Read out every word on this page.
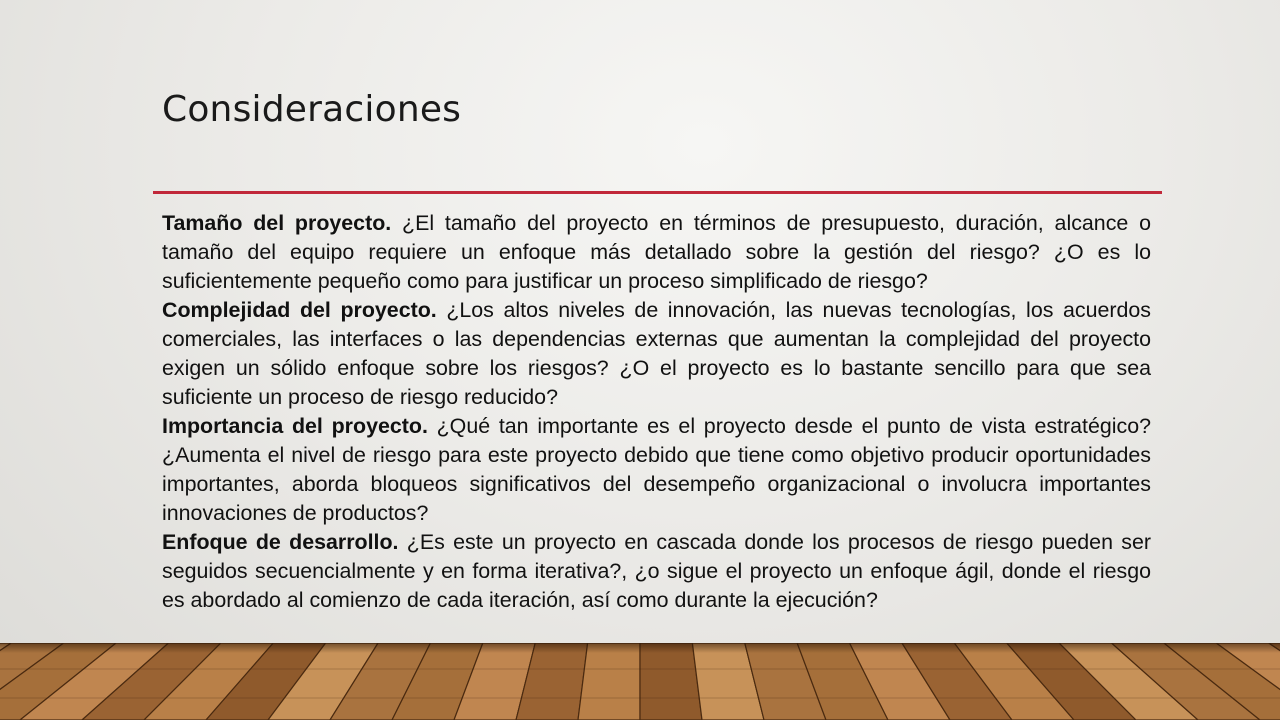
Consideraciones

Tamaño del proyecto. ¿El tamaño del proyecto en términos de presupuesto, duración, alcance o tamaño del equipo requiere un enfoque más detallado sobre la gestión del riesgo? ¿O es lo suficientemente pequeño como para justificar un proceso simplificado de riesgo?

Complejidad del proyecto. ¿Los altos niveles de innovación, las nuevas tecnologías, los acuerdos comerciales, las interfaces o las dependencias externas que aumentan la complejidad del proyecto exigen un sólido enfoque sobre los riesgos? ¿O el proyecto es lo bastante sencillo para que sea suficiente un proceso de riesgo reducido?

Importancia del proyecto. ¿Qué tan importante es el proyecto desde el punto de vista estratégico? ¿Aumenta el nivel de riesgo para este proyecto debido que tiene como objetivo producir oportunidades importantes, aborda bloqueos significativos del desempeño organizacional o involucra importantes innovaciones de productos?

Enfoque de desarrollo. ¿Es este un proyecto en cascada donde los procesos de riesgo pueden ser seguidos secuencialmente y en forma iterativa?, ¿o sigue el proyecto un enfoque ágil, donde el riesgo es abordado al comienzo de cada iteración, así como durante la ejecución?
